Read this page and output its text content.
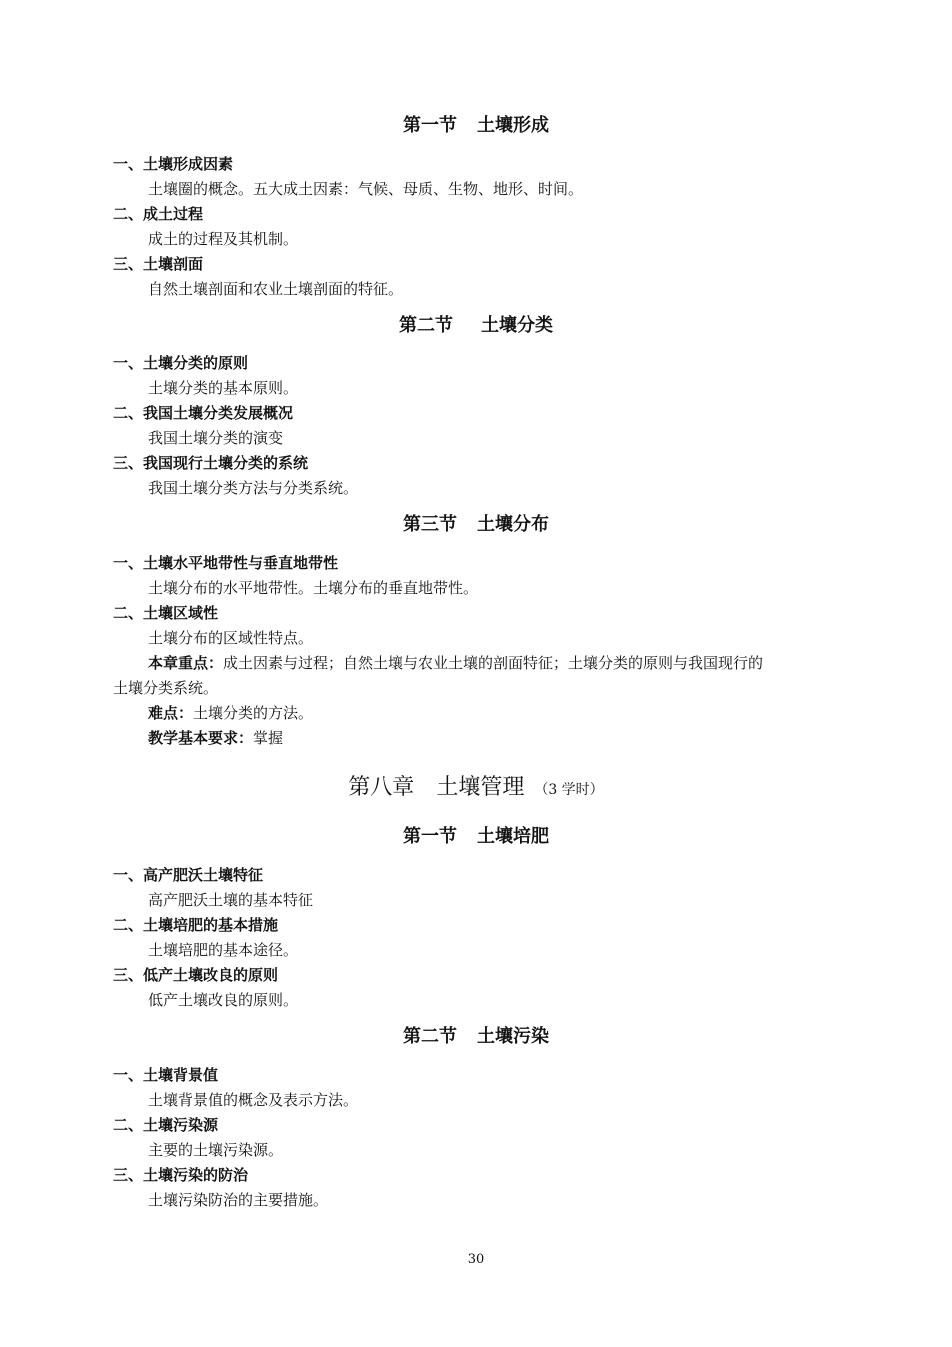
第一节 土壤形成
一、土壤形成因素
土壤圈的概念。五大成土因素：气候、母质、生物、地形、时间。
二、成土过程
成土的过程及其机制。
三、土壤剖面
自然土壤剖面和农业土壤剖面的特征。
第二节 土壤分类
一、土壤分类的原则
土壤分类的基本原则。
二、我国土壤分类发展概况
我国土壤分类的演变
三、我国现行土壤分类的系统
我国土壤分类方法与分类系统。
第三节 土壤分布
一、土壤水平地带性与垂直地带性
土壤分布的水平地带性。土壤分布的垂直地带性。
二、土壤区域性
土壤分布的区域性特点。
本章重点：成土因素与过程；自然土壤与农业土壤的剖面特征；土壤分类的原则与我国现行的
土壤分类系统。
难点：土壤分类的方法。
教学基本要求：掌握
第八章 土壤管理 （3 学时）
第一节 土壤培肥
一、高产肥沃土壤特征
高产肥沃土壤的基本特征
二、土壤培肥的基本措施
土壤培肥的基本途径。
三、低产土壤改良的原则
低产土壤改良的原则。
第二节 土壤污染
一、土壤背景值
土壤背景值的概念及表示方法。
二、土壤污染源
主要的土壤污染源。
三、土壤污染的防治
土壤污染防治的主要措施。
30
